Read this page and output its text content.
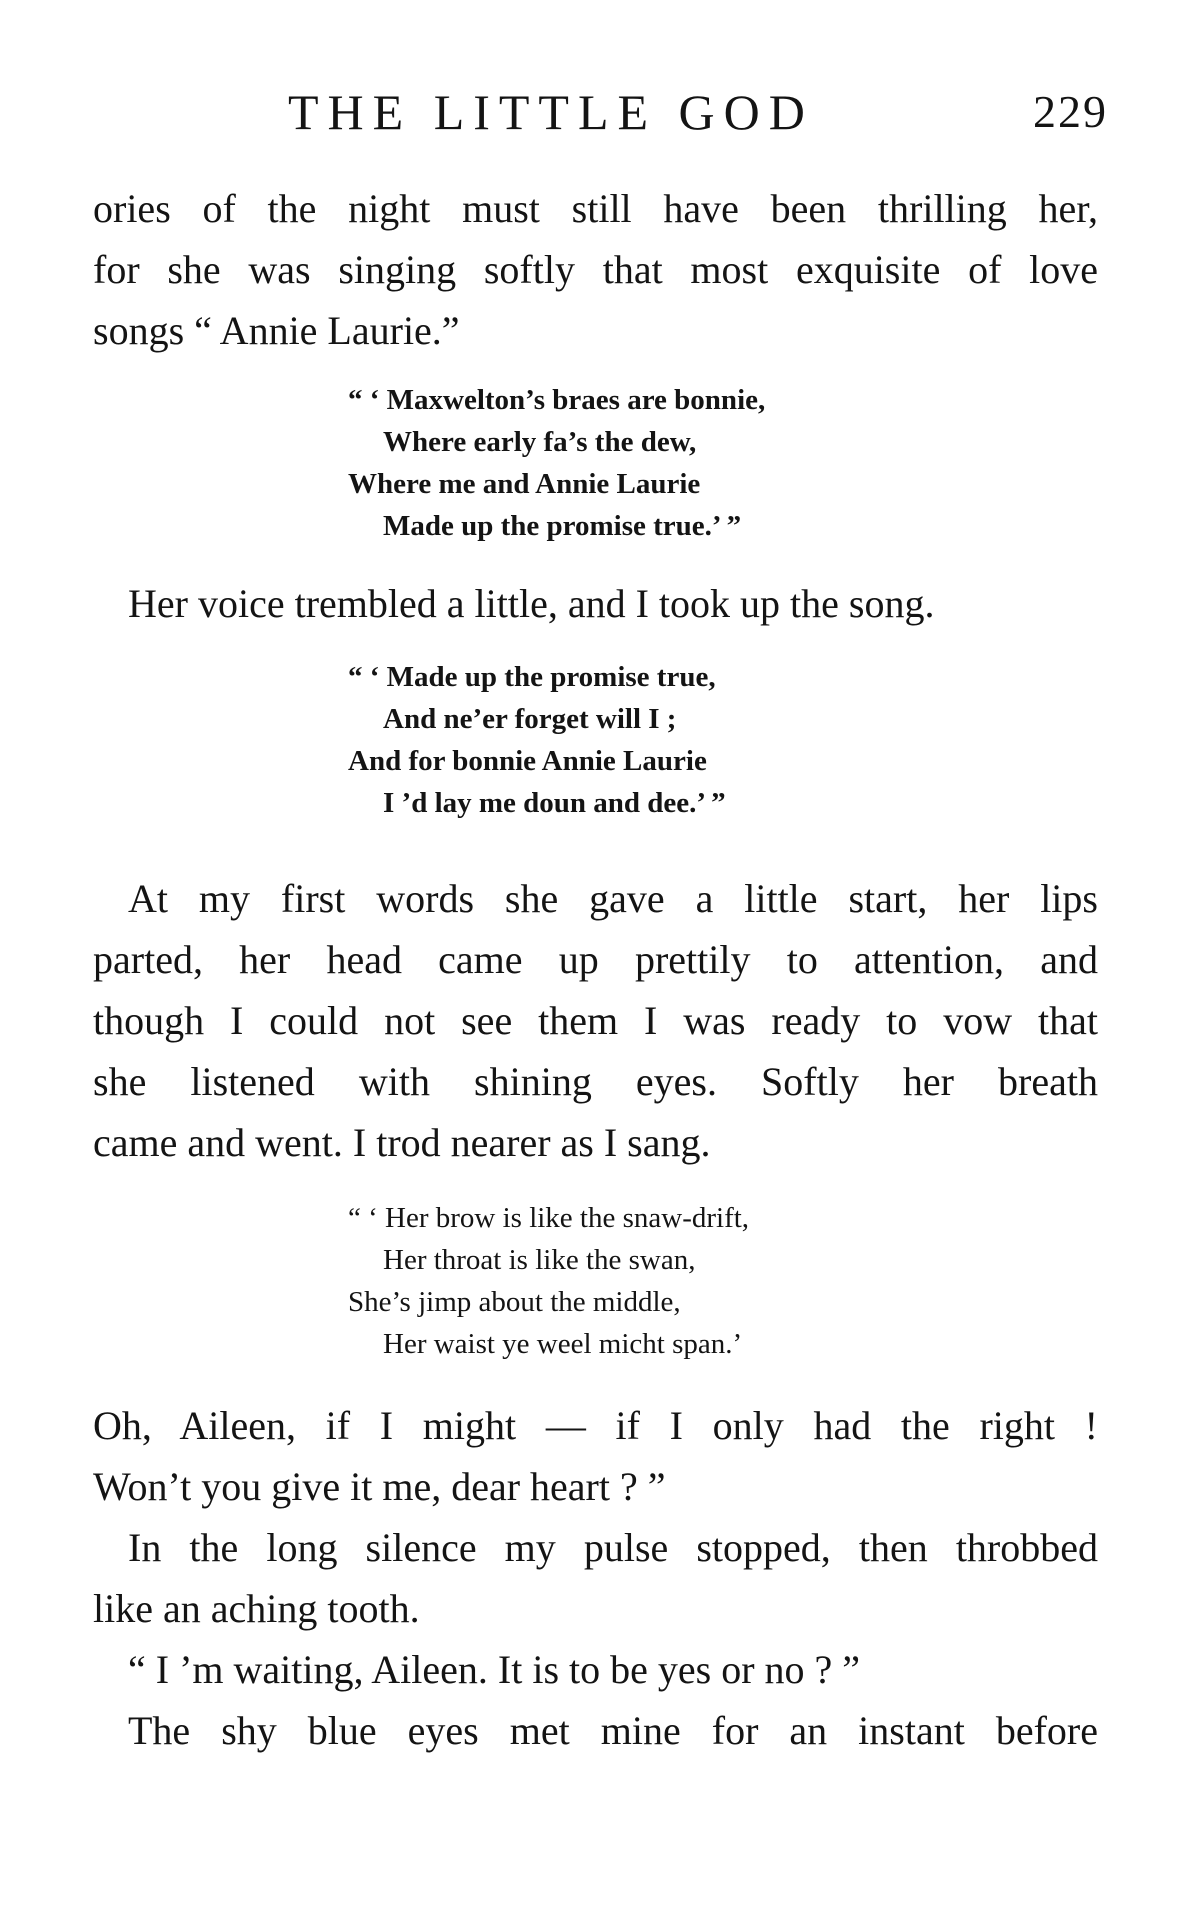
THE LITTLE GOD	229
ories of the night must still have been thrilling her,
for she was singing softly that most exquisite of love
songs “ Annie Laurie.”
“ ‘ Maxwelton’s braes are bonnie,
Where early fa’s the dew,
Where me and Annie Laurie
Made up the promise true.’ ”
Her voice trembled a little, and I took up the song.
“ ‘ Made up the promise true,
And ne’er forget will I ;
And for bonnie Annie Laurie
I ’d lay me doun and dee.’ ”
At my first words she gave a little start, her lips
parted, her head came up prettily to attention, and
though I could not see them I was ready to vow that
she listened with shining eyes. Softly her breath
came and went. I trod nearer as I sang.
“ ‘ Her brow is like the snaw-drift,
Her throat is like the swan,
She’s jimp about the middle,
Her waist ye weel micht span.’
Oh, Aileen, if I might — if I only had the right !
Won’t you give it me, dear heart ? ”
In the long silence my pulse stopped, then throbbed
like an aching tooth.
“ I ’m waiting, Aileen. It is to be yes or no ? ”
The shy blue eyes met mine for an instant before
